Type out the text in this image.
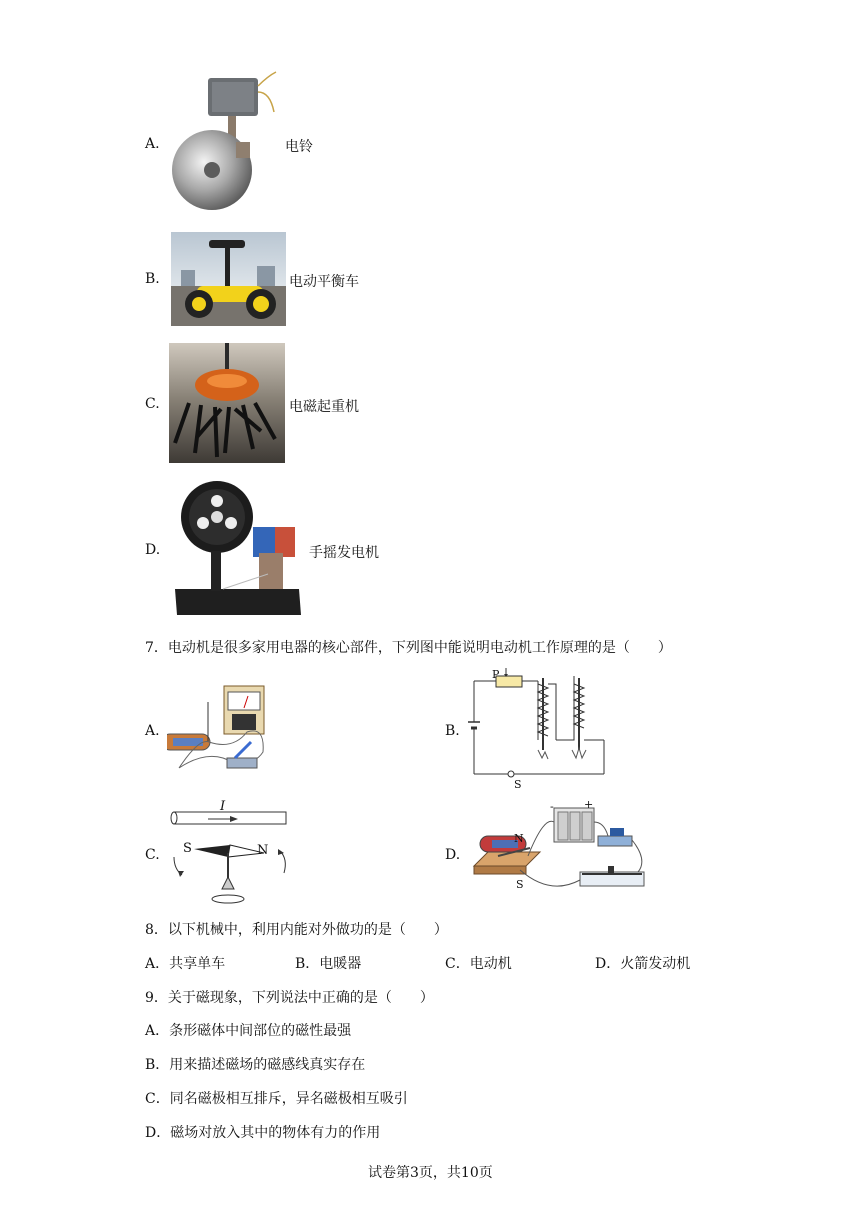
A.	电铃
B.	电动平衡车
C.	电磁起重机
D.	手摇发电机
7．电动机是很多家用电器的核心部件，下列图中能说明电动机工作原理的是（　　）
A.	B.
P
S
C.
I
S	N	D.
N
S
-	+
8．以下机械中，利用内能对外做功的是（　　）
A．共享单车	B．电暖器	C．电动机	D．火箭发动机
9．关于磁现象，下列说法中正确的是（　　）
A．条形磁体中间部位的磁性最强
B．用来描述磁场的磁感线真实存在
C．同名磁极相互排斥，异名磁极相互吸引
D．磁场对放入其中的物体有力的作用
试卷第3页，共10页
